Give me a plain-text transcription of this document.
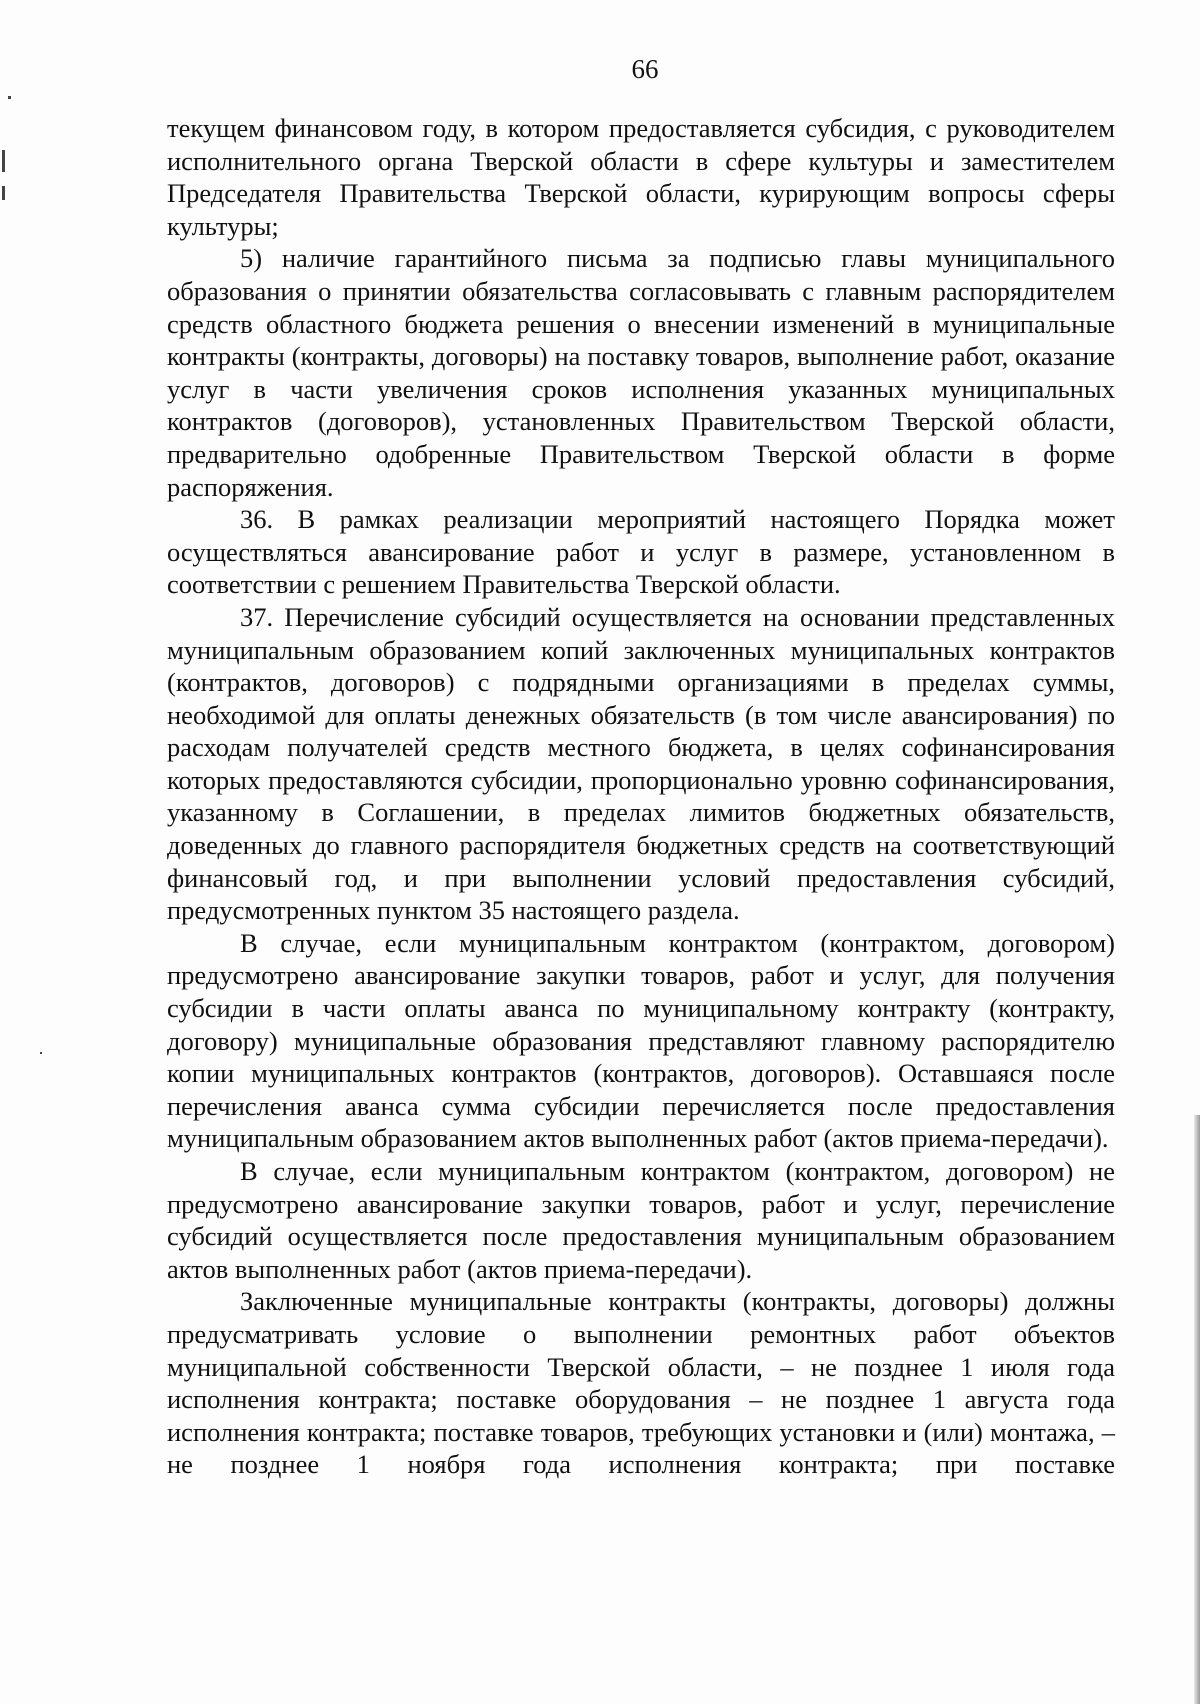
66

текущем финансовом году, в котором предоставляется субсидия, с руководителем исполнительного органа Тверской области в сфере культуры и заместителем Председателя Правительства Тверской области, курирующим вопросы сферы культуры;

5) наличие гарантийного письма за подписью главы муниципального образования о принятии обязательства согласовывать с главным распорядителем средств областного бюджета решения о внесении изменений в муниципальные контракты (контракты, договоры) на поставку товаров, выполнение работ, оказание услуг в части увеличения сроков исполнения указанных муниципальных контрактов (договоров), установленных Правительством Тверской области, предварительно одобренные Правительством Тверской области в форме распоряжения.

36. В рамках реализации мероприятий настоящего Порядка может осуществляться авансирование работ и услуг в размере, установленном в соответствии с решением Правительства Тверской области.

37. Перечисление субсидий осуществляется на основании представленных муниципальным образованием копий заключенных муниципальных контрактов (контрактов, договоров) с подрядными организациями в пределах суммы, необходимой для оплаты денежных обязательств (в том числе авансирования) по расходам получателей средств местного бюджета, в целях софинансирования которых предоставляются субсидии, пропорционально уровню софинансирования, указанному в Соглашении, в пределах лимитов бюджетных обязательств, доведенных до главного распорядителя бюджетных средств на соответствующий финансовый год, и при выполнении условий предоставления субсидий, предусмотренных пунктом 35 настоящего раздела.

В случае, если муниципальным контрактом (контрактом, договором) предусмотрено авансирование закупки товаров, работ и услуг, для получения субсидии в части оплаты аванса по муниципальному контракту (контракту, договору) муниципальные образования представляют главному распорядителю копии муниципальных контрактов (контрактов, договоров). Оставшаяся после перечисления аванса сумма субсидии перечисляется после предоставления муниципальным образованием актов выполненных работ (актов приема-передачи).

В случае, если муниципальным контрактом (контрактом, договором) не предусмотрено авансирование закупки товаров, работ и услуг, перечисление субсидий осуществляется после предоставления муниципальным образованием актов выполненных работ (актов приема-передачи).

Заключенные муниципальные контракты (контракты, договоры) должны предусматривать условие о выполнении ремонтных работ объектов муниципальной собственности Тверской области, – не позднее 1 июля года исполнения контракта; поставке оборудования – не позднее 1 августа года исполнения контракта; поставке товаров, требующих установки и (или) монтажа, – не позднее 1 ноября года исполнения контракта; при поставке
